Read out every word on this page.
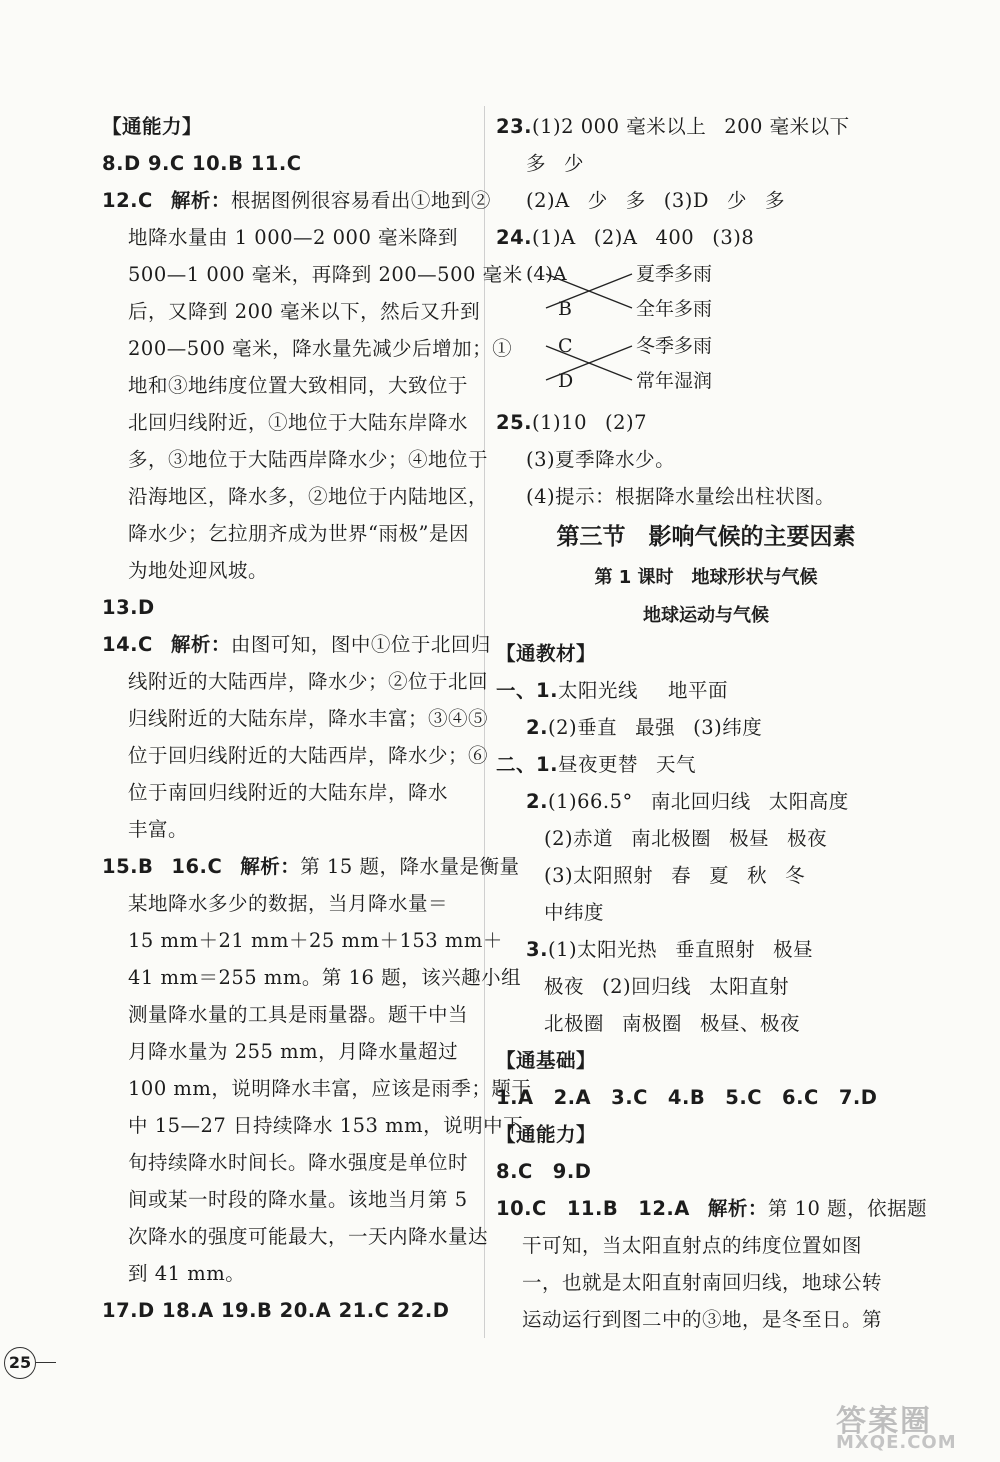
【通能力】
8.D 9.C 10.B 11.C
12.C 解析：根据图例很容易看出①地到②
地降水量由 1 000—2 000 毫米降到
500—1 000 毫米，再降到 200—500 毫米
后，又降到 200 毫米以下，然后又升到
200—500 毫米，降水量先减少后增加；①
地和③地纬度位置大致相同，大致位于
北回归线附近，①地位于大陆东岸降水
多，③地位于大陆西岸降水少；④地位于
沿海地区，降水多，②地位于内陆地区，
降水少；乞拉朋齐成为世界“雨极”是因
为地处迎风坡。
13.D
14.C 解析：由图可知，图中①位于北回归
线附近的大陆西岸，降水少；②位于北回
归线附近的大陆东岸，降水丰富；③④⑤
位于回归线附近的大陆西岸，降水少；⑥
位于南回归线附近的大陆东岸，降水
丰富。
15.B 16.C 解析：第 15 题，降水量是衡量
某地降水多少的数据，当月降水量＝
15 mm＋21 mm＋25 mm＋153 mm＋
41 mm＝255 mm。第 16 题，该兴趣小组
测量降水量的工具是雨量器。题干中当
月降水量为 255 mm，月降水量超过
100 mm，说明降水丰富，应该是雨季；题干
中 15—27 日持续降水 153 mm，说明中下
旬持续降水时间长。降水强度是单位时
间或某一时段的降水量。该地当月第 5
次降水的强度可能最大，一天内降水量达
到 41 mm。
17.D 18.A 19.B 20.A 21.C 22.D
23.(1)2 000 毫米以上 200 毫米以下
多 少
(2)A 少 多 (3)D 少 多
24.(1)A (2)A 400 (3)8
(4)A
B
C
D
夏季多雨
全年多雨
冬季多雨
常年湿润
25.(1)10 (2)7
(3)夏季降水少。
(4)提示：根据降水量绘出柱状图。
第三节　影响气候的主要因素
第 1 课时　地球形状与气候
地球运动与气候
【通教材】
一、1.太阳光线 地平面
2.(2)垂直 最强 (3)纬度
二、1.昼夜更替 天气
2.(1)66.5° 南北回归线 太阳高度
(2)赤道 南北极圈 极昼 极夜
(3)太阳照射 春 夏 秋 冬
中纬度
3.(1)太阳光热 垂直照射 极昼
极夜 (2)回归线 太阳直射
北极圈 南极圈 极昼、极夜
【通基础】
1.A　2.A　3.C　4.B　5.C　6.C　7.D
【通能力】
8.C　9.D
10.C　11.B　12.A 解析：第 10 题，依据题
干可知，当太阳直射点的纬度位置如图
一，也就是太阳直射南回归线，地球公转
运动运行到图二中的③地，是冬至日。第
25
答案圈
MXQE.COM
